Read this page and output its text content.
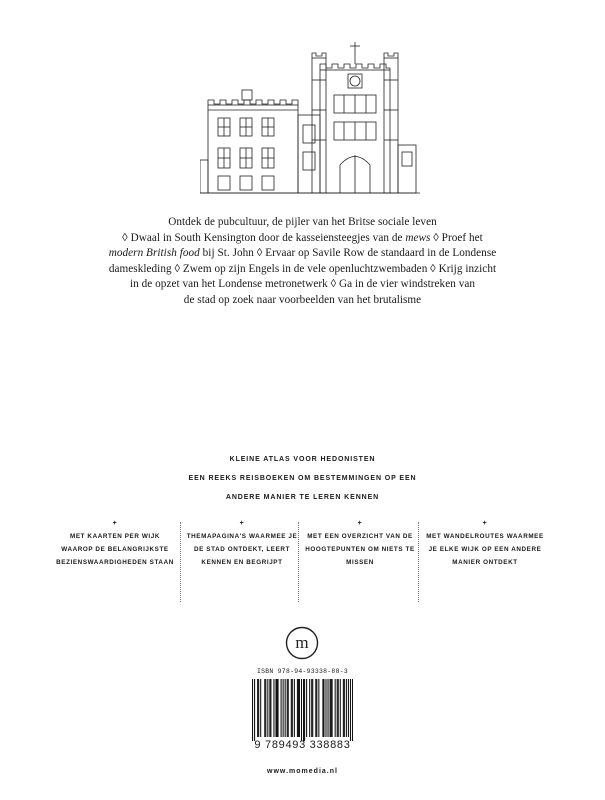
Ontdek de pubcultuur, de pijler van het Britse sociale leven
◊ Dwaal in South Kensington door de kasseiensteegjes van de mews ◊ Proef het
modern British food bij St. John ◊ Ervaar op Savile Row de standaard in de Londense
dameskleding ◊ Zwem op zijn Engels in de vele openluchtzwembaden ◊ Krijg inzicht
in de opzet van het Londense metronetwerk ◊ Ga in de vier windstreken van
de stad op zoek naar voorbeelden van het brutalisme
KLEINE ATLAS VOOR HEDONISTEN
EEN REEKS REISBOEKEN OM BESTEMMINGEN OP EEN
ANDERE MANIER TE LEREN KENNEN
+
MET KAARTEN PER WIJK WAAROP DE BELANGRIJKSTE BEZIENSWAARDIGHEDEN STAAN
+
THEMAPAGINA'S WAARMEE JE DE STAD ONTDEKT, LEERT KENNEN EN BEGRIJPT
+
MET EEN OVERZICHT VAN DE HOOGTEPUNTEN OM NIETS TE MISSEN
+
MET WANDELROUTES WAARMEE JE ELKE WIJK OP EEN ANDERE MANIER ONTDEKT
m
ISBN 978-94-93338-88-3
9 789493 338883
www.momedia.nl
